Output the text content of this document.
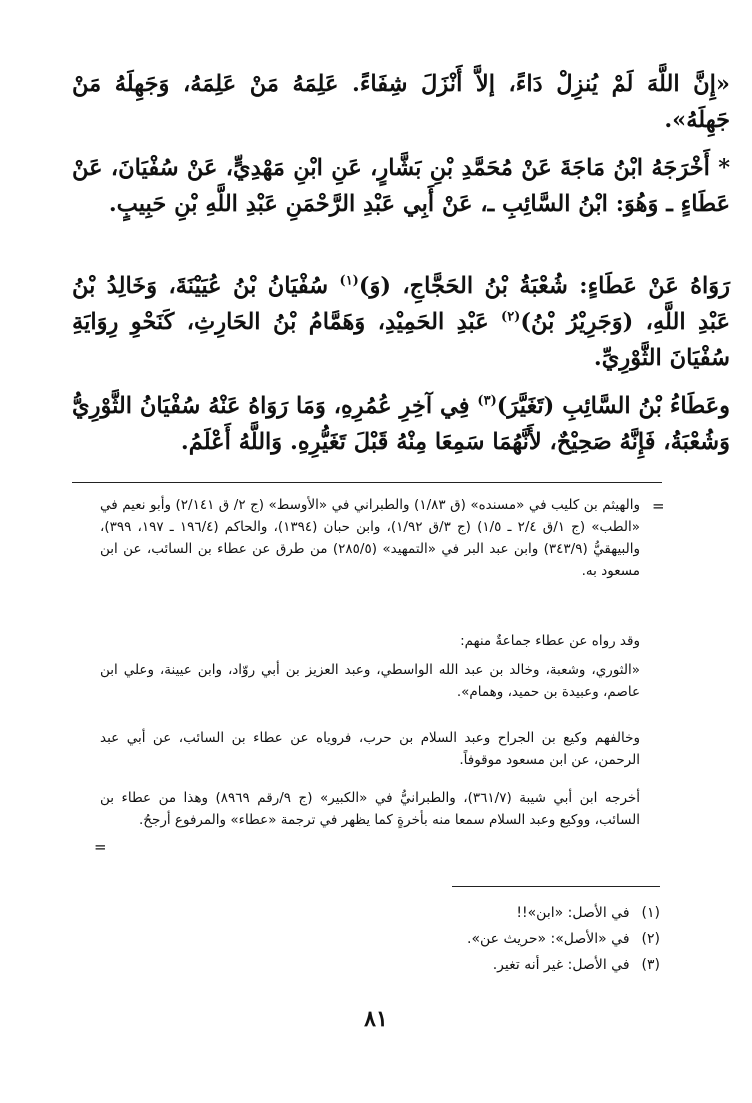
«إِنَّ اللَّهَ لَمْ يُنزِلْ دَاءً، إلاَّ أَنْزَلَ شِفَاءً. عَلِمَهُ مَنْ عَلِمَهُ، وَجَهِلَهُ مَنْ جَهِلَهُ».

* أَخْرَجَهُ ابْنُ مَاجَةَ عَنْ مُحَمَّدِ بْنِ بَشَّارٍ، عَنِ ابْنِ مَهْدِيٍّ، عَنْ سُفْيَانَ، عَنْ عَطَاءٍ ـ وَهُوَ: ابْنُ السَّائِبِ ـ، عَنْ أَبِي عَبْدِ الرَّحْمَنِ عَبْدِ اللَّهِ بْنِ حَبِيبٍ.

رَوَاهُ عَنْ عَطَاءٍ: شُعْبَةُ بْنُ الحَجَّاجِ، (وَ)$^{(١)}$ سُفْيَانُ بْنُ عُيَيْنَةَ، وَخَالِدُ بْنُ عَبْدِ اللَّهِ، (وَجَرِيْرُ بْنُ)$^{(٢)}$ عَبْدِ الحَمِيْدِ، وَهَمَّامُ بْنُ الحَارِثِ، كَنَحْوِ رِوَايَةِ سُفْيَانَ الثَّوْرِيِّ.

وعَطَاءُ بْنُ السَّائِبِ (تَغَيَّرَ)$^{(٣)}$ فِي آخِرِ عُمُرِهِ، وَمَا رَوَاهُ عَنْهُ سُفْيَانُ الثَّوْرِيُّ وَشُعْبَةُ، فَإِنَّهُ صَحِيْحٌ، لأَنَّهُمَا سَمِعَا مِنْهُ قَبْلَ تَغَيُّرِهِ. وَاللَّهُ أَعْلَمُ.

=

والهيثم بن كليب في «مسنده» (ق ١/٨٣) والطبراني في «الأوسط» (ج ٢/ ق ٢/١٤١) وأبو نعيم في «الطب» (ج ١/ق ٢/٤ ـ ١/٥) (ج ٣/ق ١/٩٢)، وابن حبان (١٣٩٤)، والحاكم (١٩٦/٤ ـ ١٩٧، ٣٩٩)، والبيهقيُّ (٣٤٣/٩) وابن عبد البر في «التمهيد» (٢٨٥/٥) من طرق عن عطاء بن السائب، عن ابن مسعود به.

وقد رواه عن عطاء جماعةٌ منهم:

«الثوري، وشعبة، وخالد بن عبد الله الواسطي، وعبد العزيز بن أبي روّاد، وابن عيينة، وعلي ابن عاصم، وعبيدة بن حميد، وهمام».

وخالفهم وكيع بن الجراح وعبد السلام بن حرب، فروياه عن عطاء بن السائب، عن أبي عبد الرحمن، عن ابن مسعود موقوفاً.

أخرجه ابن أبي شيبة (٣٦١/٧)، والطبرانيُّ في «الكبير» (ج ٩/رقم ٨٩٦٩) وهذا من عطاء بن السائب، ووكيع وعبد السلام سمعا منه بأخرةٍ كما يظهر في ترجمة «عطاء» والمرفوع أرجحُ.

=
(١) في الأصل: «ابن»!!
(٢) في «الأصل»: «حريث عن».
(٣) في الأصل: غير أنه تغير.
٨١
